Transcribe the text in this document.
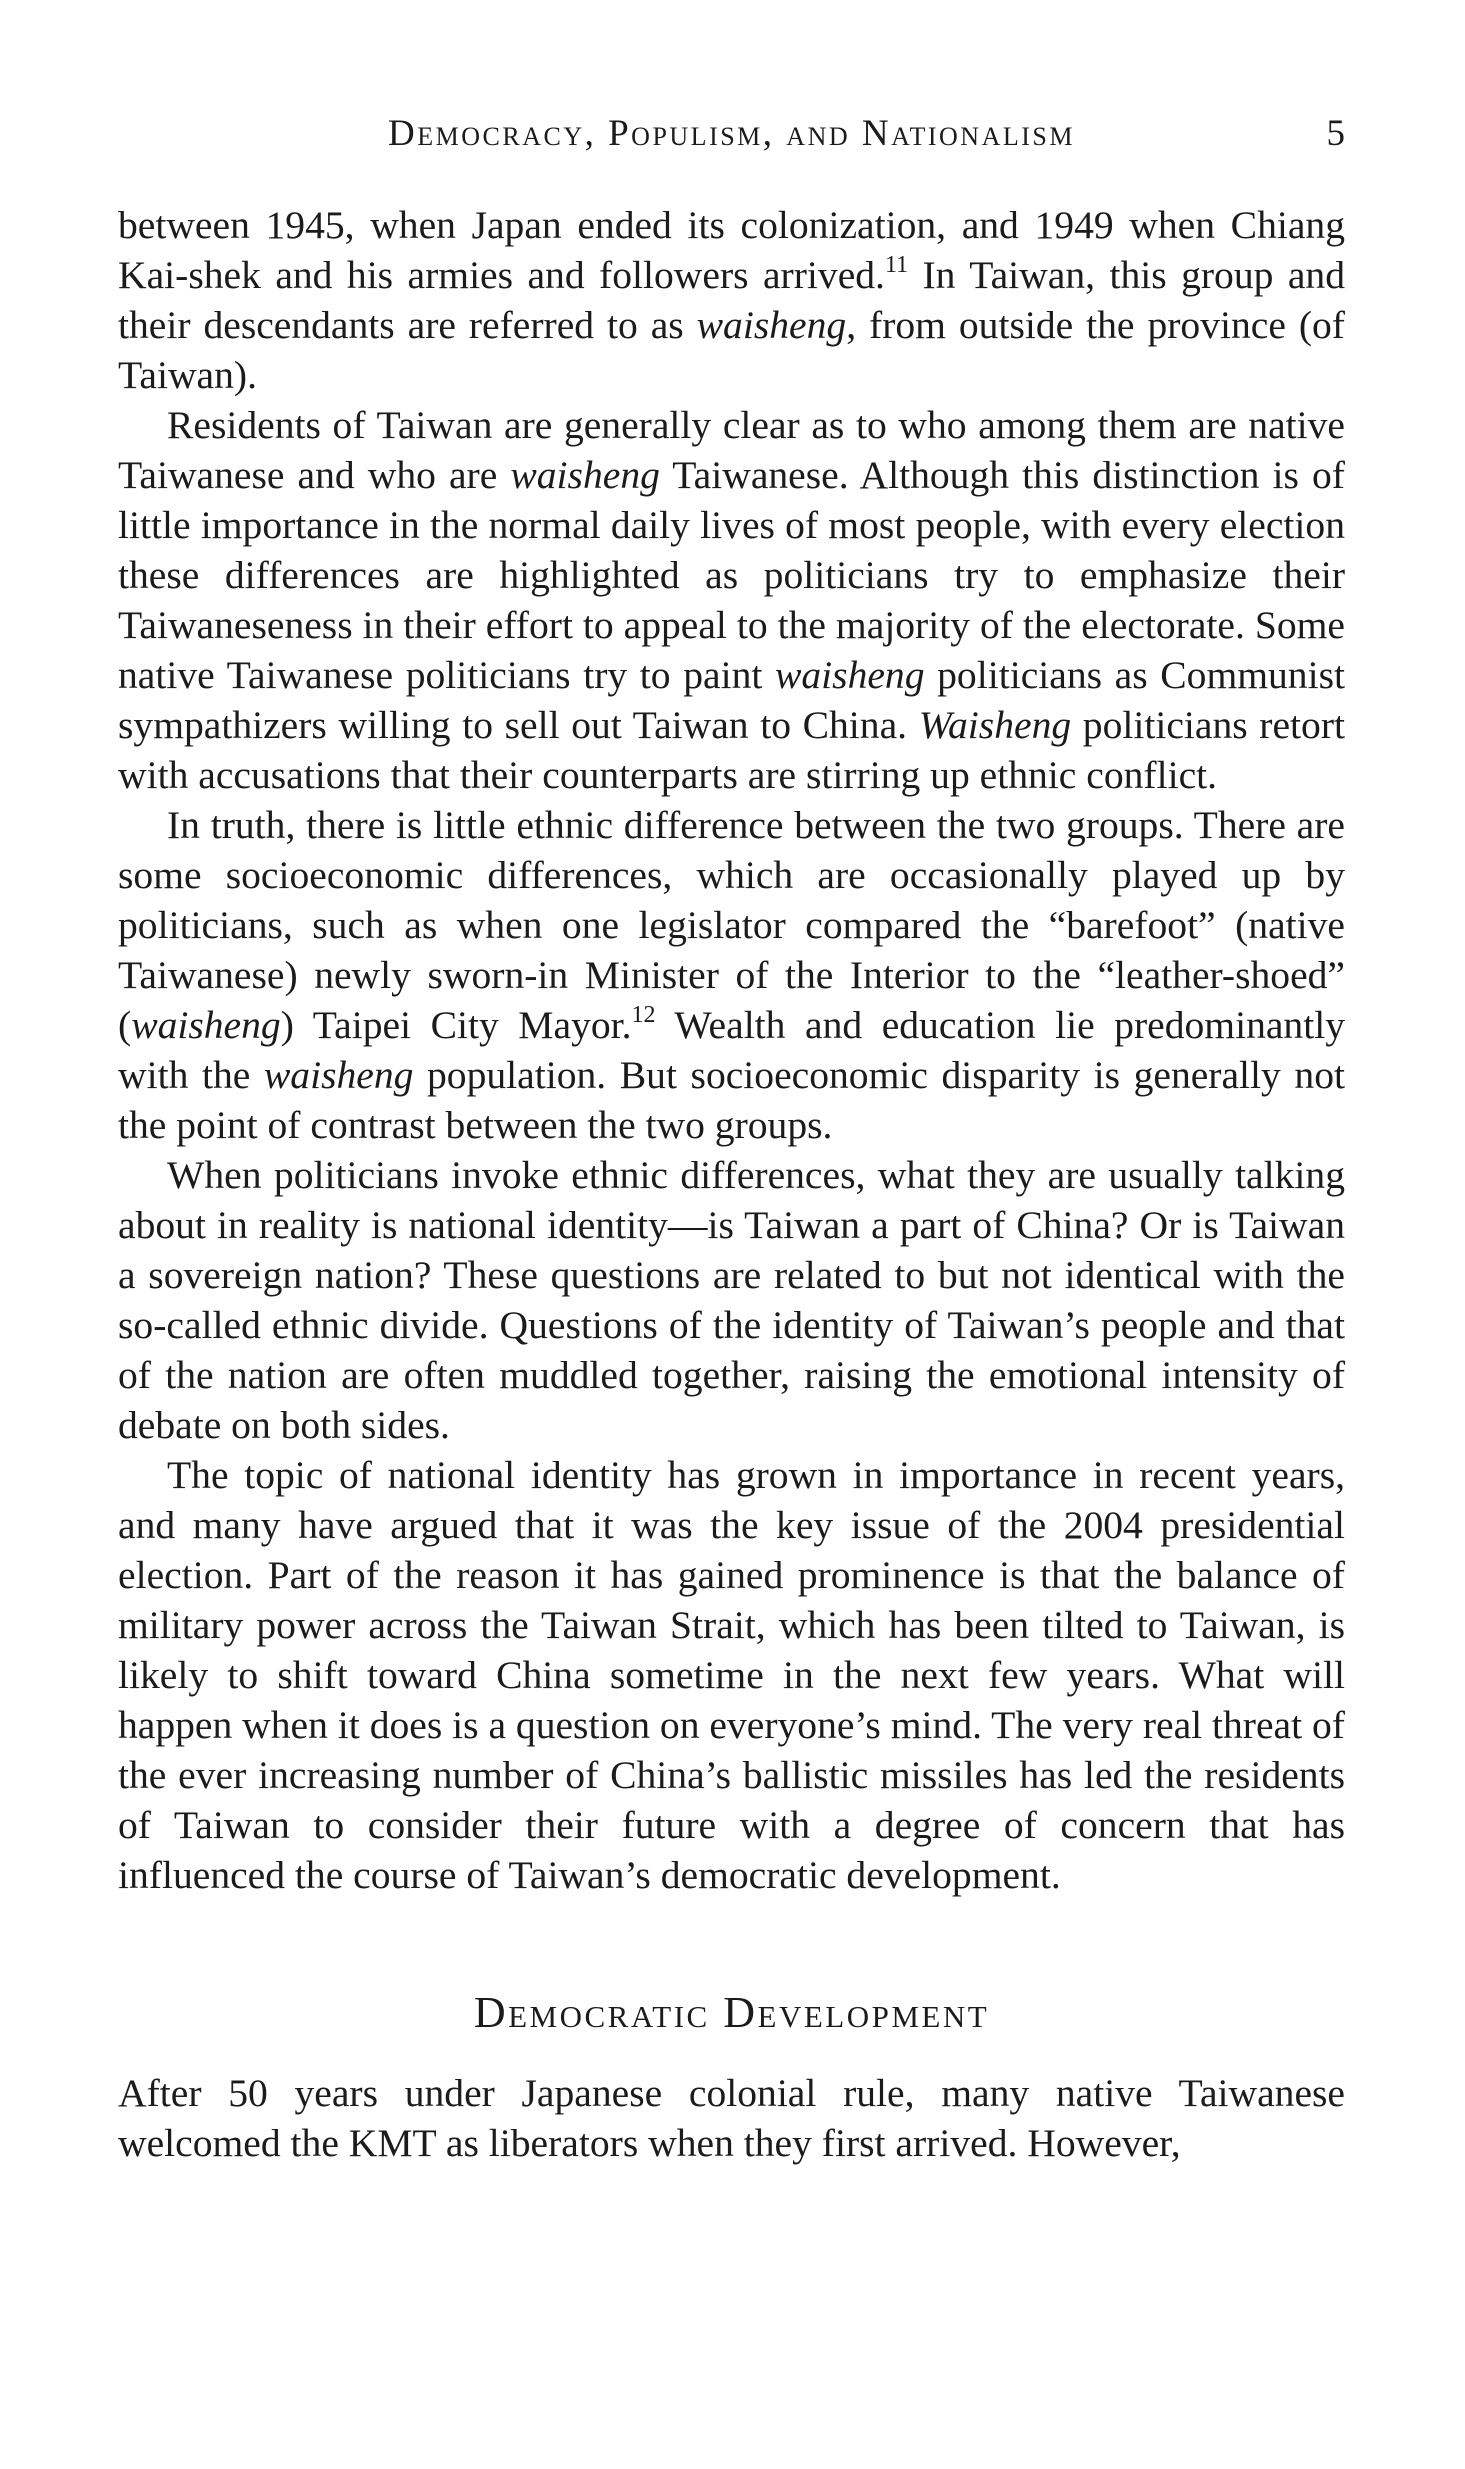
Democracy, Populism, and Nationalism	5

between 1945, when Japan ended its colonization, and 1949 when Chiang Kai-shek and his armies and followers arrived.$^{11}$ In Taiwan, this group and their descendants are referred to as waisheng, from outside the province (of Taiwan).

Residents of Taiwan are generally clear as to who among them are native Taiwanese and who are waisheng Taiwanese. Although this distinction is of little importance in the normal daily lives of most people, with every election these differences are highlighted as politicians try to emphasize their Taiwaneseness in their effort to appeal to the majority of the electorate. Some native Taiwanese politicians try to paint waisheng politicians as Communist sympathizers willing to sell out Taiwan to China. Waisheng politicians retort with accusations that their counterparts are stirring up ethnic conflict.

In truth, there is little ethnic difference between the two groups. There are some socioeconomic differences, which are occasionally played up by politicians, such as when one legislator compared the “barefoot” (native Taiwanese) newly sworn-in Minister of the Interior to the “leather-shoed” (waisheng) Taipei City Mayor.$^{12}$ Wealth and education lie predominantly with the waisheng population. But socioeconomic disparity is generally not the point of contrast between the two groups.

When politicians invoke ethnic differences, what they are usually talking about in reality is national identity—is Taiwan a part of China? Or is Taiwan a sovereign nation? These questions are related to but not identical with the so-called ethnic divide. Questions of the identity of Taiwan’s people and that of the nation are often muddled together, raising the emotional intensity of debate on both sides.

The topic of national identity has grown in importance in recent years, and many have argued that it was the key issue of the 2004 presidential election. Part of the reason it has gained prominence is that the balance of military power across the Taiwan Strait, which has been tilted to Taiwan, is likely to shift toward China sometime in the next few years. What will happen when it does is a question on everyone’s mind. The very real threat of the ever increasing number of China’s ballistic missiles has led the residents of Taiwan to consider their future with a degree of concern that has influenced the course of Taiwan’s democratic development.

Democratic Development

After 50 years under Japanese colonial rule, many native Taiwanese welcomed the KMT as liberators when they first arrived. However,
